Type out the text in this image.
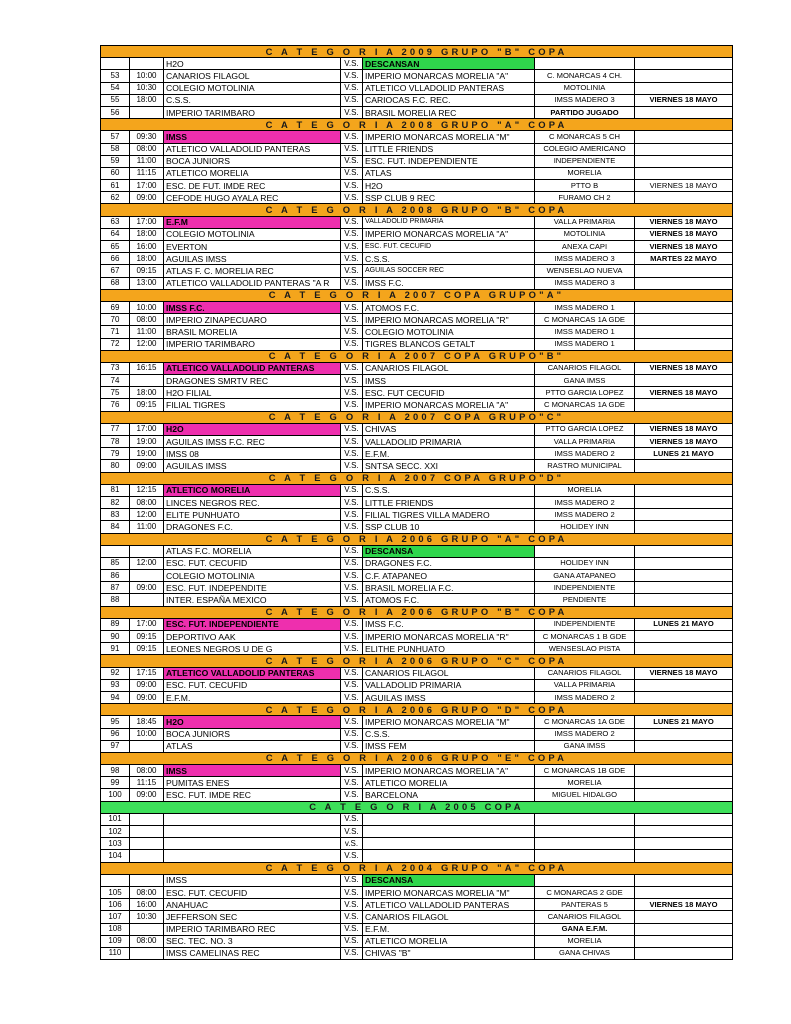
C A T E G O R I A 2009 GRUPO "B" COPA						
		H2O	V.S.	DESCANSAN		
53	10:00	CANARIOS FILAGOL	V.S.	IMPERIO MONARCAS MORELIA "A"	C. MONARCAS 4 CH.	
54	10:30	COLEGIO MOTOLINIA	V.S.	ATLETICO VLLADOLID PANTERAS	MOTOLINIA	
55	18:00	C.S.S.	V.S.	CARIOCAS F.C. REC.	IMSS MADERO 3	VIERNES 18 MAYO
56		IMPERIO TARIMBARO	V.S.	BRASIL MORELIA REC	PARTIDO JUGADO	
C A T E G O R I A 2008 GRUPO "A" COPA						
57	09:30	IMSS	V.S.	IMPERIO MONARCAS MORELIA "M"	C MONARCAS 5 CH	
58	08:00	ATLETICO VALLADOLID PANTERAS	V.S.	LITTLE FRIENDS	COLEGIO AMERICANO	
59	11:00	BOCA JUNIORS	V.S.	ESC. FUT. INDEPENDIENTE	INDEPENDIENTE	
60	11:15	ATLETICO MORELIA	V.S.	ATLAS	MORELIA	
61	17:00	ESC. DE FUT. IMDE REC	V.S.	H2O	PTTO B	VIERNES 18 MAYO
62	09:00	CEFODE HUGO AYALA REC	V.S.	SSP CLUB 9 REC	FURAMO CH 2	
C A T E G O R I A 2008 GRUPO "B" COPA						
63	17:00	E.F.M	V.S.	VALLADOLID PRIMARIA	VALLA PRIMARIA	VIERNES 18 MAYO
64	18:00	COLEGIO MOTOLINIA	V.S.	IMPERIO MONARCAS MORELIA "A"	MOTOLINIA	VIERNES 18 MAYO
65	16:00	EVERTON	V.S.	ESC. FUT. CECUFID	ANEXA CAPI	VIERNES 18 MAYO
66	18:00	AGUILAS IMSS	V.S.	C.S.S.	IMSS MADERO 3	MARTES 22 MAYO
67	09:15	ATLAS F. C. MORELIA REC	V.S.	AGUILAS SOCCER REC	WENSESLAO NUEVA	
68	13:00	ATLETICO VALLADOLID PANTERAS "A R	V.S.	IMSS F.C.	IMSS MADERO 3	
C A T E G O R I A 2007 COPA GRUPO"A"						
69	10:00	IMSS F.C.	V.S.	ATOMOS F.C.	IMSS MADERO 1	
70	08:00	IMPERIO ZINAPECUARO	V.S.	IMPERIO MONARCAS MORELIA "R"	C MONARCAS 1A GDE	
71	11:00	BRASIL MORELIA	V.S.	COLEGIO MOTOLINIA	IMSS MADERO 1	
72	12:00	IMPERIO TARIMBARO	V.S.	TIGRES BLANCOS GETALT	IMSS MADERO 1	
C A T E G O R I A 2007 COPA GRUPO"B"						
73	16:15	ATLETICO VALLADOLID PANTERAS	V.S.	CANARIOS FILAGOL	CANARIOS FILAGOL	VIERNES 18 MAYO
74		DRAGONES SMRTV REC	V.S.	IMSS	GANA IMSS	
75	18:00	H2O FILIAL	V.S.	ESC. FUT CECUFID	PTTO GARCIA LOPEZ	VIERNES 18 MAYO
76	09:15	FILIAL TIGRES	V.S.	IMPERIO MONARCAS MORELIA "A"	C MONARCAS 1A GDE	
C A T E G O R I A 2007 COPA GRUPO"C"						
77	17:00	H2O	V.S.	CHIVAS	PTTO GARCIA LOPEZ	VIERNES 18 MAYO
78	19:00	AGUILAS IMSS F.C. REC	V.S.	VALLADOLID PRIMARIA	VALLA PRIMARIA	VIERNES 18 MAYO
79	19:00	IMSS 08	V.S.	E.F.M.	IMSS MADERO 2	LUNES 21 MAYO
80	09:00	AGUILAS IMSS	V.S.	SNTSA SECC. XXI	RASTRO MUNICIPAL	
C A T E G O R I A 2007 COPA GRUPO"D"						
81	12:15	ATLETICO MORELIA	V.S.	C.S.S.	MORELIA	
82	08:00	LINCES NEGROS REC.	V.S.	LITTLE FRIENDS	IMSS MADERO 2	
83	12:00	ELITE PUNHUATO	V.S.	FILIAL TIGRES VILLA MADERO	IMSS MADERO 2	
84	11:00	DRAGONES F.C.	V.S.	SSP CLUB 10	HOLIDEY INN	
C A T E G O R I A 2006 GRUPO "A" COPA						
		ATLAS F.C. MORELIA	V.S.	DESCANSA		
85	12:00	ESC. FUT. CECUFID	V.S.	DRAGONES F.C.	HOLIDEY INN	
86		COLEGIO MOTOLINIA	V.S.	C.F. ATAPANEO	GANA ATAPANEO	
87	09:00	ESC. FUT. INDEPENDITE	V.S.	BRASIL MORELIA F.C.	INDEPENDIENTE	
88		INTER. ESPAÑA MEXICO	V.S.	ATOMOS F.C.	PENDIENTE	
C A T E G O R I A 2006 GRUPO "B" COPA						
89	17:00	ESC. FUT. INDEPENDIENTE	V.S.	IMSS F.C.	INDEPENDIENTE	LUNES 21 MAYO
90	09:15	DEPORTIVO AAK	V.S.	IMPERIO MONARCAS MORELIA "R"	C MONARCAS 1 B GDE	
91	09:15	LEONES NEGROS U DE G	V.S.	ELITHE PUNHUATO	WENSESLAO PISTA	
C A T E G O R I A 2006 GRUPO "C" COPA						
92	17:15	ATLETICO VALLADOLID PANTERAS	V.S.	CANARIOS FILAGOL	CANARIOS FILAGOL	VIERNES 18 MAYO
93	09:00	ESC. FUT. CECUFID	V.S.	VALLADOLID PRIMARIA	VALLA PRIMARIA	
94	09:00	E.F.M.	V.S.	AGUILAS IMSS	IMSS MADERO 2	
C A T E G O R I A 2006 GRUPO "D" COPA						
95	18:45	H2O	V.S.	IMPERIO MONARCAS MORELIA "M"	C MONARCAS 1A GDE	LUNES 21 MAYO
96	10:00	BOCA JUNIORS	V.S.	C.S.S.	IMSS MADERO 2	
97		ATLAS	V.S.	IMSS FEM	GANA IMSS	
C A T E G O R I A 2006 GRUPO "E" COPA						
98	08:00	IMSS	V.S.	IMPERIO MONARCAS MORELIA "A"	C MONARCAS 1B GDE	
99	11:15	PUMITAS ENES	V.S.	ATLETICO MORELIA	MORELIA	
100	09:00	ESC. FUT. IMDE REC	V.S.	BARCELONA	MIGUEL HIDALGO	
C A T E G O R I A 2005 COPA						
101			V.S.			
102			V.S.			
103			v.S.			
104			V.S.			
C A T E G O R I A 2004 GRUPO "A" COPA						
		IMSS	V.S.	DESCANSA		
105	08:00	ESC. FUT. CECUFID	V.S.	IMPERIO MONARCAS MORELIA "M"	C MONARCAS 2 GDE	
106	16:00	ANAHUAC	V.S.	ATLETICO VALLADOLID PANTERAS	PANTERAS 5	VIERNES 18 MAYO
107	10:30	JEFFERSON SEC	V.S.	CANARIOS FILAGOL	CANARIOS FILAGOL	
108		IMPERIO TARIMBARO REC	V.S.	E.F.M.	GANA E.F.M.	
109	08:00	SEC. TEC. NO. 3	V.S.	ATLETICO MORELIA	MORELIA	
110		IMSS CAMELINAS REC	V.S.	CHIVAS "B"	GANA CHIVAS	
